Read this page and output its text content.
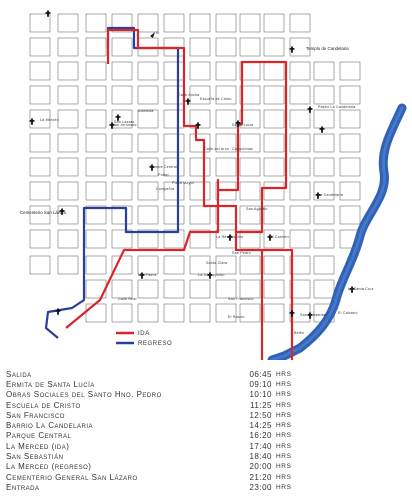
N
Templo de Candelaria
La Merced
Cementerio San Lázaro
San Lázaro
Paseo La Candelaria
Calle Real
El Calvario
San Sebastián
La Recolección
Escuela de Cristo
Santa Lucía
Parque Central
La Candelaria
La Concepción
El Carmen
La Santa Cruz
San Francisco
Los Pasos
El Rastro
Plaza Mayor
San Pedro
Belén
Santa Clara
San Agustín
Compañía
Capuchinas
Calle Ancha
Calle del Arco
Alameda
San Jerónimo
Portal
IDA
REGRESO
Salida	06:45 HRS
Ermita de Santa Lucía	09:10 HRS
Obras Sociales del Santo Hno. Pedro	10:10 HRS
Escuela de Cristo	11:25 HRS
San Francisco	12:50 HRS
Barrio La Candelaria	14:25 HRS
Parque Central	16:20 HRS
La Merced (ida)	17:40 HRS
San Sebastián	18:40 HRS
La Merced (regreso)	20:00 HRS
Cementerio General San Lázaro	21:20 HRS
Entrada	23:00 HRS
